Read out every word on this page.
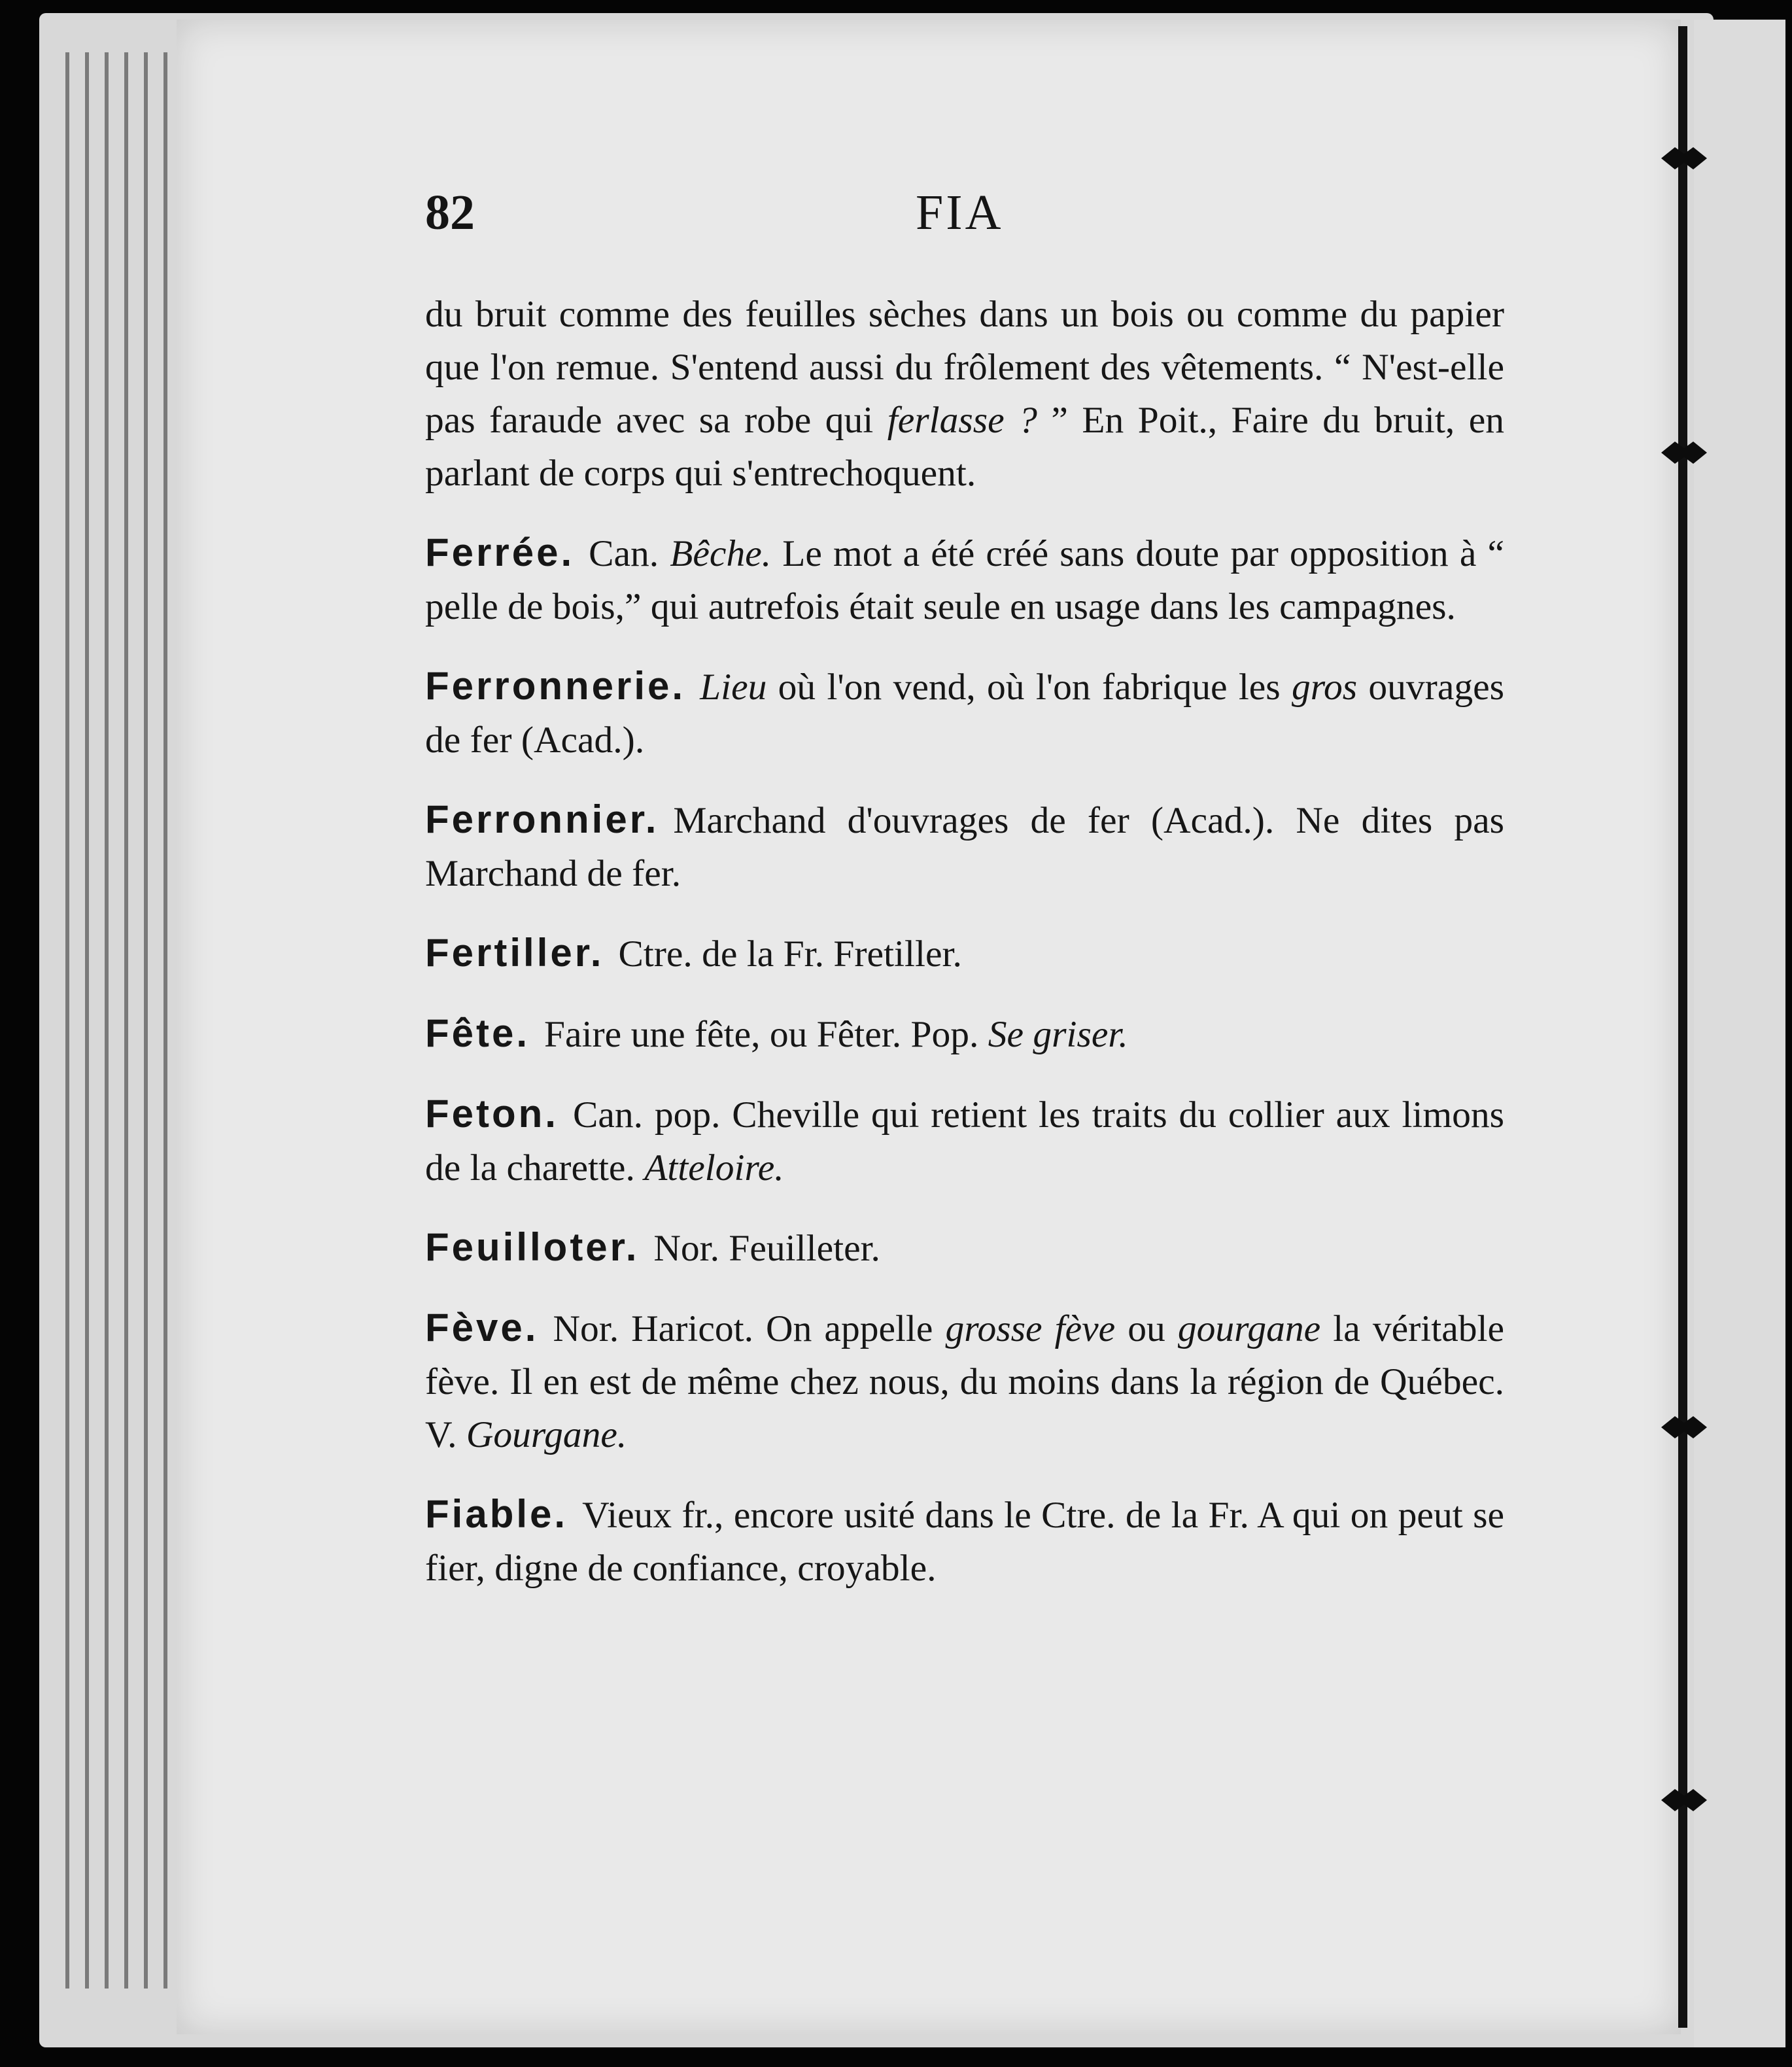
82	FIA

du bruit comme des feuilles sèches dans un bois ou comme du papier que l'on remue. S'entend aussi du frôlement des vêtements. “ N'est-elle pas faraude avec sa robe qui ferlasse ? ” En Poit., Faire du bruit, en parlant de corps qui s'entrechoquent.

Ferrée. Can. Bêche. Le mot a été créé sans doute par opposition à “ pelle de bois,” qui autrefois était seule en usage dans les campagnes.

Ferronnerie. Lieu où l'on vend, où l'on fabrique les gros ouvrages de fer (Acad.).

Ferronnier. Marchand d'ouvrages de fer (Acad.). Ne dites pas Marchand de fer.

Fertiller. Ctre. de la Fr. Fretiller.

Fête. Faire une fête, ou Fêter. Pop. Se griser.

Feton. Can. pop. Cheville qui retient les traits du collier aux limons de la charette. Atteloire.

Feuilloter. Nor. Feuilleter.

Fève. Nor. Haricot. On appelle grosse fève ou gourgane la véritable fève. Il en est de même chez nous, du moins dans la région de Québec. V. Gourgane.

Fiable. Vieux fr., encore usité dans le Ctre. de la Fr. A qui on peut se fier, digne de confiance, croyable.
